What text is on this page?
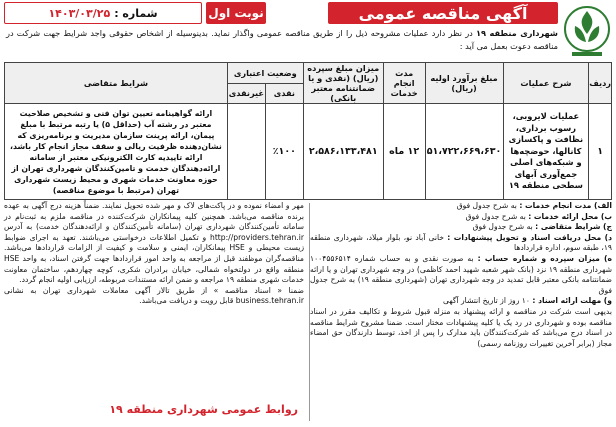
آگهی مناقصه عمومی
نوبت اول
شماره :
۱۴۰۳/۰۳/۲۵
شهرداری منطقه ۱۹ در نظر دارد عملیات مشروحه ذیل را از طریق مناقصه عمومی واگذار نماید. بدینوسیله از اشخاص حقوقی واجد شرایط جهت شرکت در مناقصه دعوت بعمل می آید :
ردیف	شرح عملیات	مبلغ برآورد اولیه (ریال)	مدت انجام خدمات	میزان مبلغ سپرده (ریال) (نقدی و یا ضمانتنامه معتبر بانکی)	وضعیت اعتباری		شرایط متقاضی
					نقدی	غیرنقدی	
۱	عملیات لایروبی، رسوب برداری، نظافت و پاکسازی کانالها، حوضچه‌ها و شبکه‌های اصلی جمع‌آوری آبهای سطحی منطقه ۱۹	۵۱،۷۲۲،۶۶۹،۶۳۰	۱۲ ماه	۲،۵۸۶،۱۳۳،۴۸۱	٪۱۰۰		ارائه گواهینامه تعیین توان فنی و تشخیص صلاحیت معتبر در رشته آب (حداقل ۵) یا رتبه مرتبط با مبلغ پیمان، ارائه پرینت سازمان مدیریت و برنامه‌ریزی که نشان‌دهنده ظرفیت ریالی و سقف مجاز انجام کار باشد، ارائه تاییدیه کارت الکترونیکی معتبر از سامانه ارائه‌دهندگان خدمت و تامین‌کنندگان شهرداری تهران از حوزه معاونت خدمات شهری و محیط زیست شهرداری تهران (مرتبط با موضوع مناقصه)

الف) مدت انجام خدمات : به شرح جدول فوق

ب) محل ارائه خدمات : به شرح جدول فوق

ج) شرایط متقاضی : به شرح جدول فوق

د) محل دریافت اسناد و تحویل پیشنهادات : خانی آباد نو، بلوار میلاد، شهرداری منطقه ۱۹، طبقه سوم، اداره قراردادها

ه) میزان سپرده و شماره حساب : به صورت نقدی و به حساب شماره ۱۰۰۴۵۵۶۵۱۴ شهرداری منطقه ۱۹ نزد (بانک شهر شعبه شهید احمد کاظمی) در وجه شهرداری تهران و یا ارائه ضمانتنامه بانکی معتبر قابل تمدید در وجه شهرداری تهران (شهرداری منطقه ۱۹) به شرح جدول فوق

و) مهلت ارائه اسناد : ۱۰ روز از تاریخ انتشار آگهی

بدیهی است شرکت در مناقصه و ارائه پیشنهاد به منزله قبول شروط و تکالیف مقرر در اسناد مناقصه بوده و شهرداری در رد یک یا کلیه پیشنهادات مختار است. ضمنا مشروح شرایط مناقصه در اسناد درج می‌باشد که شرکت‌کنندگان باید مدارک را پس از اخذ، توسط دارندگان حق امضاء مجاز (برابر آخرین تغییرات روزنامه رسمی)

مهر و امضاء نموده و در پاکت‌های لاک و مهر شده تحویل نمایند. ضمناً هزینه درج آگهی به عهده برنده مناقصه می‌باشد. همچنین کلیه پیمانکاران شرکت‌کننده در مناقصه ملزم به ثبت‌نام در سامانه تأمین‌کنندگان شهرداری تهران (سامانه تأمین‌کنندگان و ارائه‌دهندگان خدمت) به آدرس http://providers.tehran.ir و تکمیل اطلاعات درخواستی می‌باشند. تعهد به اجرای ضوابط زیست محیطی و HSE پیمانکاران، ایمنی و سلامت و کیفیت از الزامات قراردادها می‌باشد. مناقصه‌گران موظفند قبل از مراجعه به واحد امور قراردادها جهت گرفتن اسناد، به واحد HSE منطقه واقع در دولتخواه شمالی، خیابان برادران شکری، کوچه چهاردهم، ساختمان معاونت خدمات شهری منطقه ۱۹ مراجعه و ضمن ارائه مستندات مربوطه، ارزیابی اولیه انجام گردد.

ضمنا « اسناد مناقصه » از طریق تالار آگهی معاملات شهرداری تهران به نشانی business.tehran.ir قابل رویت و دریافت می‌باشد.

روابط عمومی شهرداری منطقه ۱۹
